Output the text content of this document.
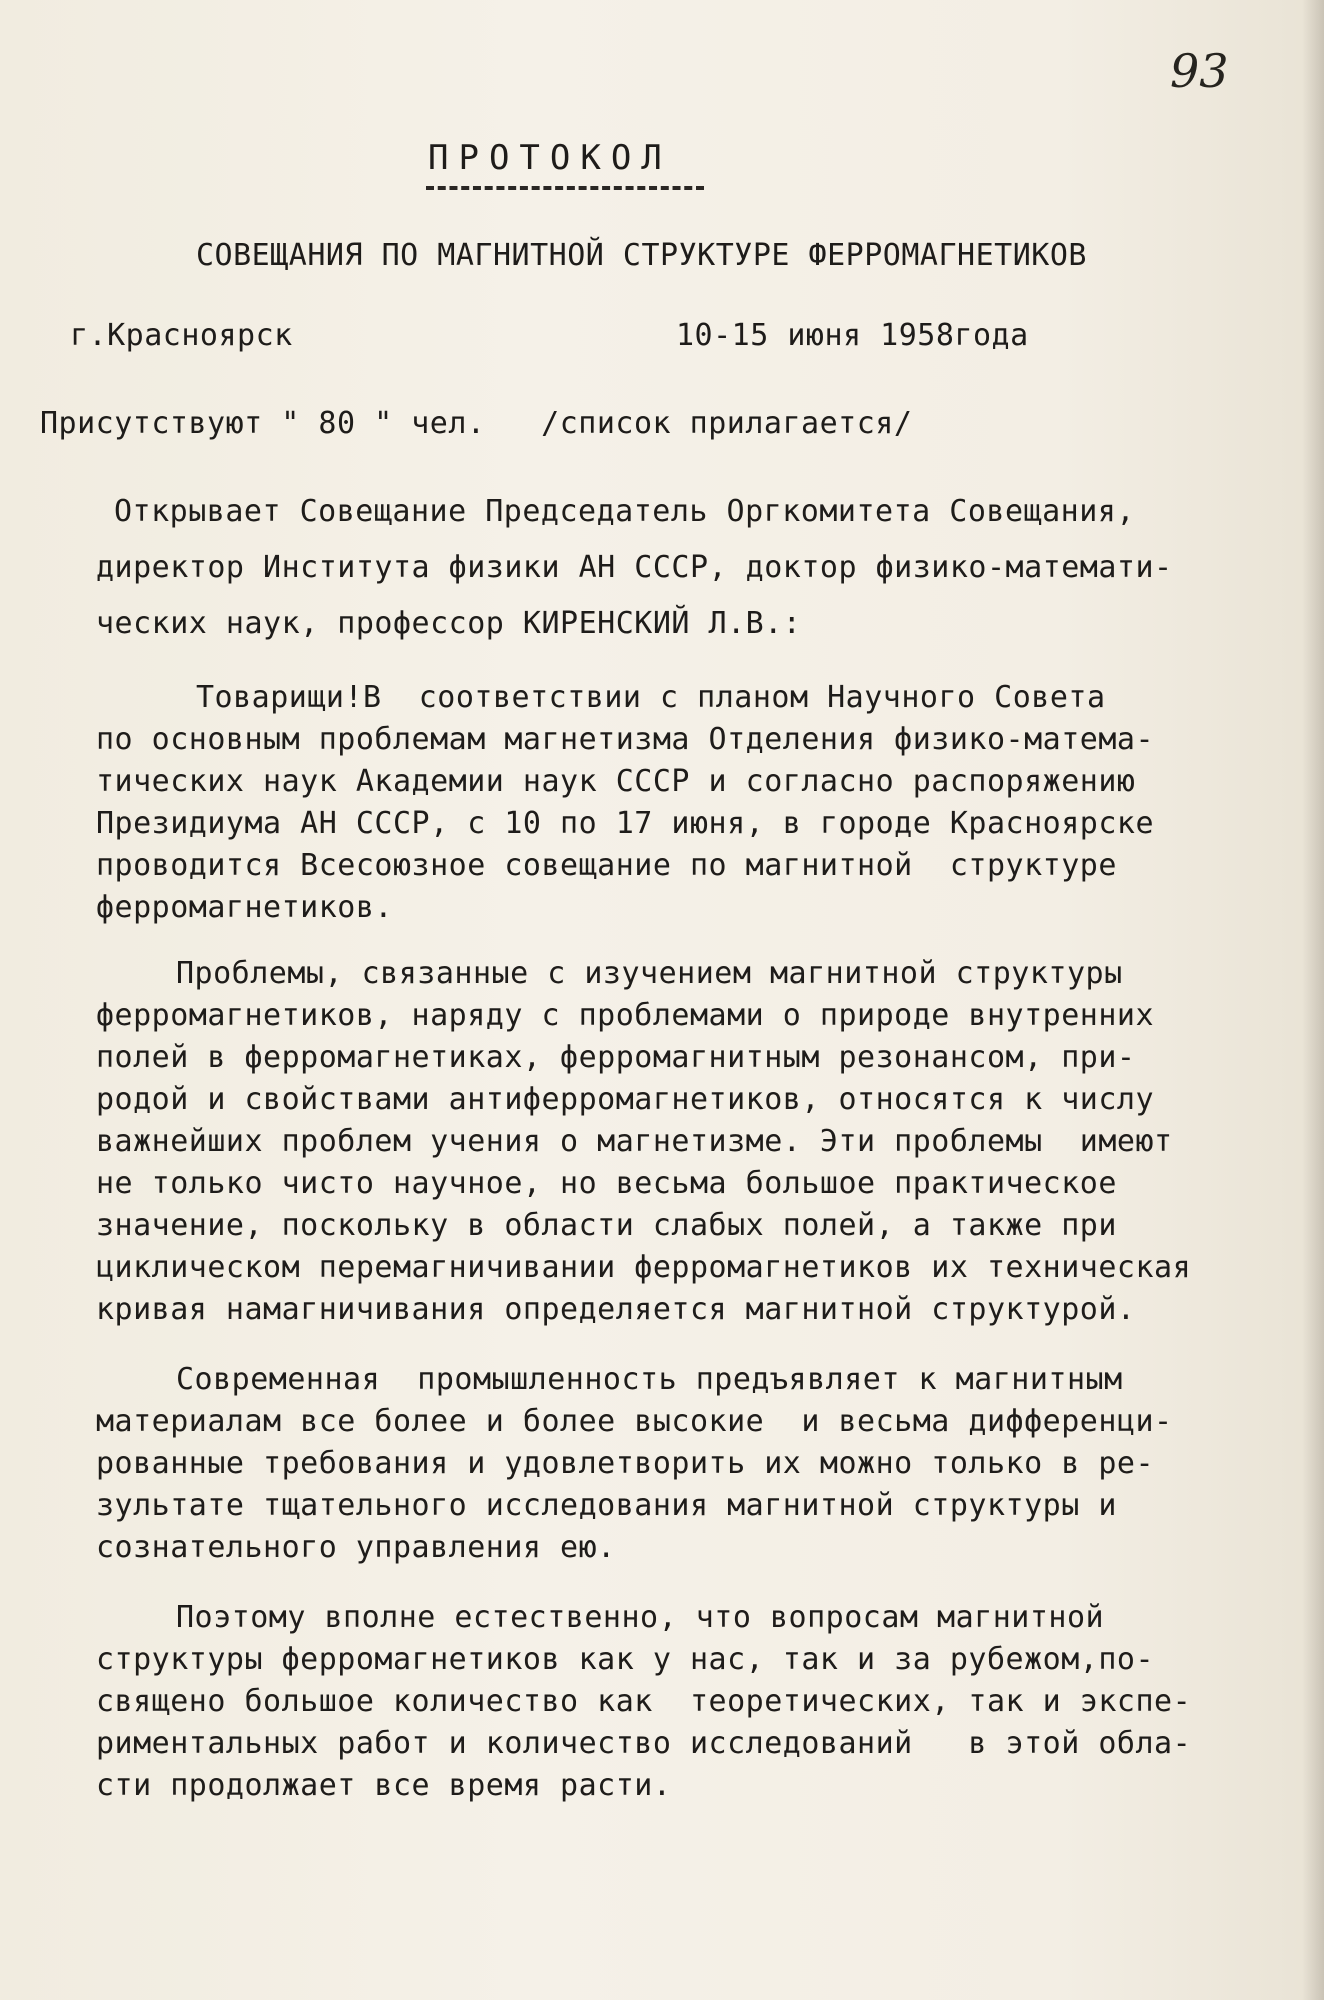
93
ПРОТОКОЛ
СОВЕЩАНИЯ ПО МАГНИТНОЙ СТРУКТУРЕ ФЕРРОМАГНЕТИКОВ
г.Красноярск	10-15 июня 1958года
Присутствуют " 80 " чел.   /список прилагается/
Открывает Совещание Председатель Оргкомитета Совещания,
директор Института физики АН СССР, доктор физико-математи-
ческих наук, профессор КИРЕНСКИЙ Л.В.:
Товарищи!В  соответствии с планом Научного Совета
по основным проблемам магнетизма Отделения физико-матема-
тических наук Академии наук СССР и согласно распоряжению
Президиума АН СССР, с 10 по 17 июня, в городе Красноярске
проводится Всесоюзное совещание по магнитной  структуре
ферромагнетиков.
Проблемы, связанные с изучением магнитной структуры
ферромагнетиков, наряду с проблемами о природе внутренних
полей в ферромагнетиках, ферромагнитным резонансом, при-
родой и свойствами антиферромагнетиков, относятся к числу
важнейших проблем учения о магнетизме. Эти проблемы  имеют
не только чисто научное, но весьма большое практическое
значение, поскольку в области слабых полей, а также при
циклическом перемагничивании ферромагнетиков их техническая
кривая намагничивания определяется магнитной структурой.
Современная  промышленность предъявляет к магнитным
материалам все более и более высокие  и весьма дифференци-
рованные требования и удовлетворить их можно только в ре-
зультате тщательного исследования магнитной структуры и
сознательного управления ею.
Поэтому вполне естественно, что вопросам магнитной
структуры ферромагнетиков как у нас, так и за рубежом,по-
священо большое количество как  теоретических, так и экспе-
риментальных работ и количество исследований   в этой обла-
сти продолжает все время расти.
